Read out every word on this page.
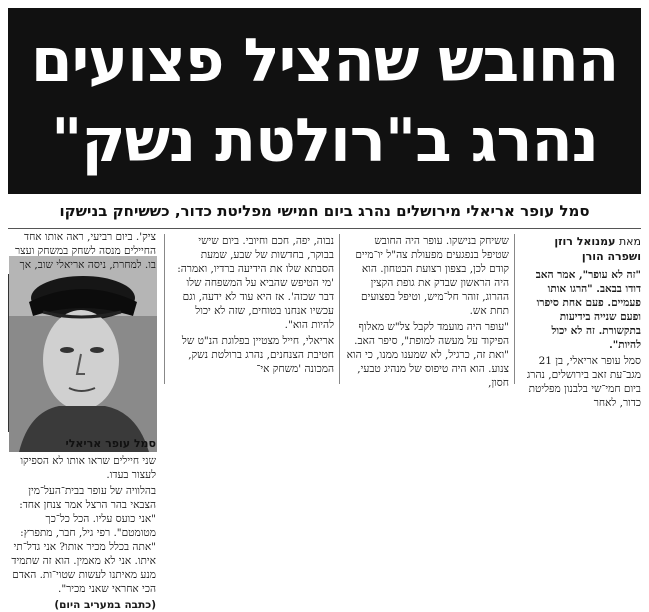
החובש שהציל פצועים
נהרג ב"רולטת נשק"
סמל עופר אריאלי מירושלים נהרג ביום חמישי מפליטת כדור, כששיחק בנישקו
מאת עמנואל רוזן
ושפרה הורן

"זה לא עופר", אמר האב דודו בבאב. "הרגו אותו פעמיים. פעם אחת סיפרו ופעם שנייה בידיעות בתקשורת. זה לא יכול להיות".

סמל עופר אריאלי, בן 21 מגב־עת זאב בירושלים, נהרג ביום חמי־שי בלבנון מפליטת כדור, לאחר

ששיחק בנישקו. עופר היה החובש שטיפל בנפגעים מפעולת צה"ל יו־מיים קודם לכן, בצפון רצועת הבטחון. הוא היה הראשון שבדק את גופת הקצין ההרוג, זוהר חל־מיש, וטיפל בפצועים תחת אש.

"עופר היה מועמד לקבל צל"ש מאלוף הפיקוד על מעשה למופת", סיפר האב. "ואת זה, כרגיל, לא שמענו ממנו, כי הוא צנוע. הוא היה טיפוס של מנהיג טבעי, חסון,

נבוה, יפה, חכם וחיובי. ביום שישי בבוקר, בחדשות של שבע, שמעת הסבתא שלו את הידיעה ברדיו, ואמרה: 'מי הטיפש שהביא על המשפחה שלו דבר שכזה'. אז היא עוד לא ידעה, וגם עכשיו אנחנו בטוחים, שזה לא יכול להיות הוא".

אריאלי, חייל מצטיין בפלוגת הנ"ט של חטיבת הצנחנים, נהרג ברולטת נשק, המכונה 'משחק אי־

סמל עופר אריאלי

שני חיילים שראו אותו לא הספיקו לעצור בעדו.

בהלוויה של עופר בבית־העל־מין הצבאי בהר הרצל אמר צנחן אחד: "אני כועס עליו. הכל כל־כך מטומטם". רפי גיל, חבר, מתפרץ: "אתה בכלל מכיר אותו? אני גדל־תי איתו. אני לא מאמין. הוא זה שתמיד מנע מאיתנו לעשות שטוי־ות. האדם הכי אחראי שאני מכיר".

(כתבה במעריב היום)

ציק'. ביום רביעי, ראה אותו אחד החיילים מנסה לשחק במשחק ועצר בו. למחרת, ניסה אריאלי שוב, אך
